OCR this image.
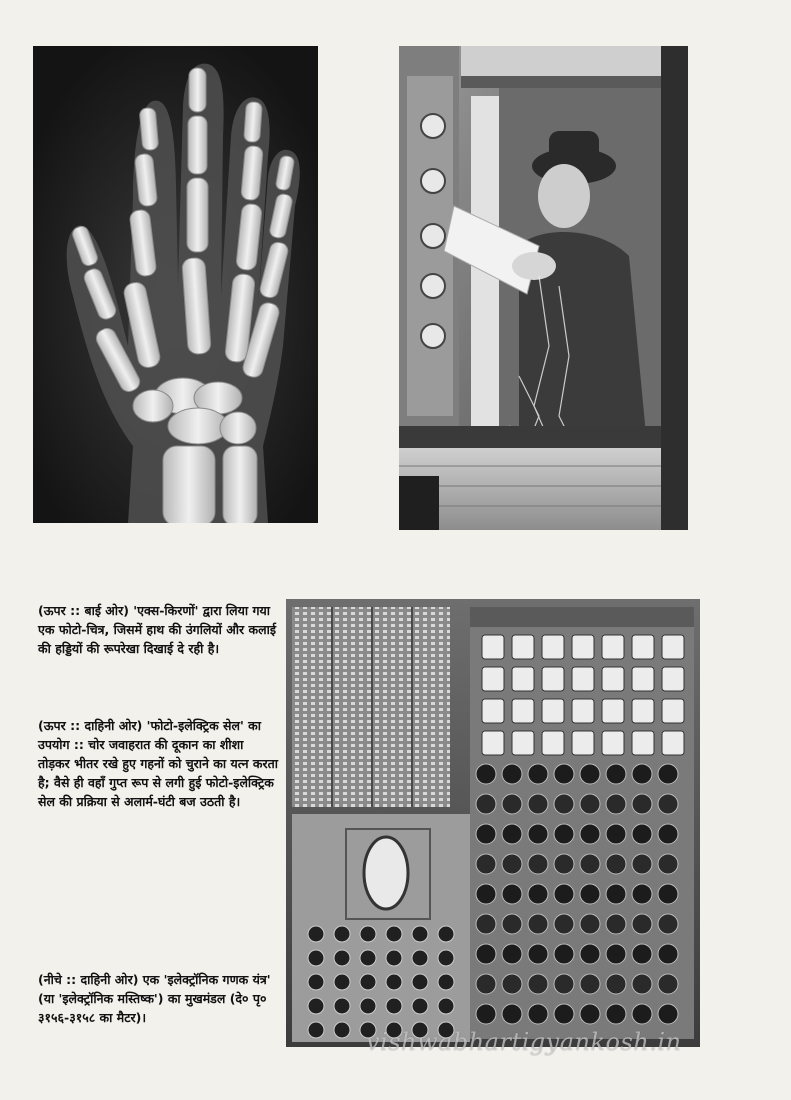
(ऊपर :: बाई ओर) 'एक्स-किरणों' द्वारा लिया गया एक फोटो-चित्र, जिसमें हाथ की उंगलियों और कलाई की हड्डियों की रूपरेखा दिखाई दे रही है।
(ऊपर :: दाहिनी ओर) 'फोटो-इलेक्ट्रिक सेल' का उपयोग :: चोर जवाहरात की दूकान का शीशा तोड़कर भीतर रखे हुए गहनों को चुराने का यत्न करता है; वैसे ही वहाँ गुप्त रूप से लगी हुई फोटो-इलेक्ट्रिक सेल की प्रक्रिया से अलार्म-घंटी बज उठती है।
(नीचे :: दाहिनी ओर) एक 'इलेक्ट्रॉनिक गणक यंत्र' (या 'इलेक्ट्रॉनिक मस्तिष्क') का मुखमंडल (दे० पृ० ३१५६-३१५८ का मैटर)।
vishwabhartigyankosh.in
